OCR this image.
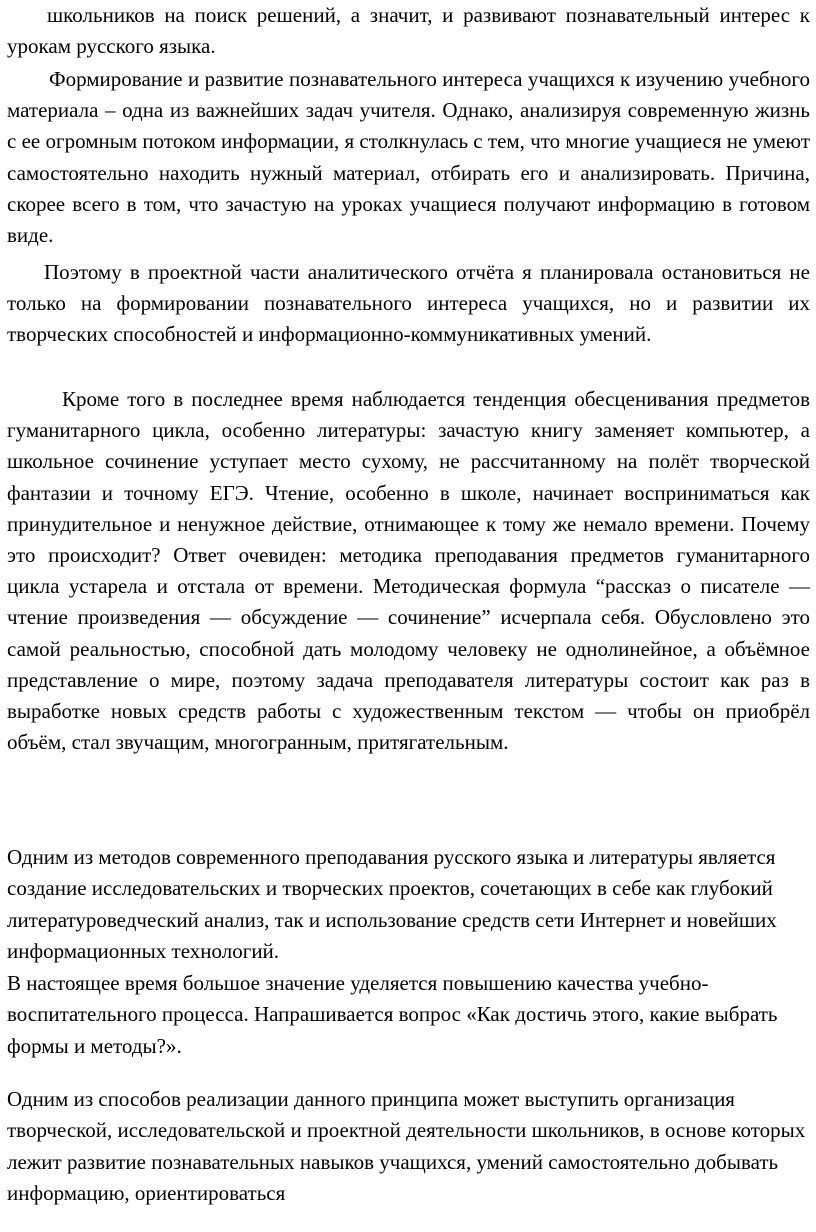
школьников на поиск решений, а значит, и развивают познавательный интерес к урокам русского языка.

Формирование и развитие познавательного интереса учащихся к изучению учебного материала – одна из важнейших задач учителя. Однако, анализируя современную жизнь с ее огромным потоком информации, я столкнулась с тем, что многие учащиеся не умеют самостоятельно находить нужный материал, отбирать его и анализировать. Причина, скорее всего в том, что зачастую на уроках учащиеся получают информацию в готовом виде.

Поэтому в проектной части аналитического отчёта я планировала остановиться не только на формировании познавательного интереса учащихся, но и развитии их творческих способностей и информационно-коммуникативных умений.

Кроме того в последнее время наблюдается тенденция обесценивания предметов гуманитарного цикла, особенно литературы: зачастую книгу заменяет компьютер, а школьное сочинение уступает место сухому, не рассчитанному на полёт творческой фантазии и точному ЕГЭ. Чтение, особенно в школе, начинает восприниматься как принудительное и ненужное действие, отнимающее к тому же немало времени. Почему это происходит? Ответ очевиден: методика преподавания предметов гуманитарного цикла устарела и отстала от времени. Методическая формула “рассказ о писателе — чтение произведения — обсуждение — сочинение” исчерпала себя. Обусловлено это самой реальностью, способной дать молодому человеку не однолинейное, а объёмное представление о мире, поэтому задача преподавателя литературы состоит как раз в выработке новых средств работы с художественным текстом — чтобы он приобрёл объём, стал звучащим, многогранным, притягательным.

Одним из методов современного преподавания русского языка и литературы является создание исследовательских и творческих проектов, сочетающих в себе как глубокий литературоведческий анализ, так и использование средств сети Интернет и новейших информационных технологий.

В настоящее время большое значение уделяется повышению качества учебно-воспитательного процесса. Напрашивается вопрос «Как достичь этого, какие выбрать формы и методы?».

Одним из способов реализации данного принципа может выступить организация творческой, исследовательской и проектной деятельности школьников, в основе которых лежит развитие познавательных навыков учащихся, умений самостоятельно добывать информацию, ориентироваться
